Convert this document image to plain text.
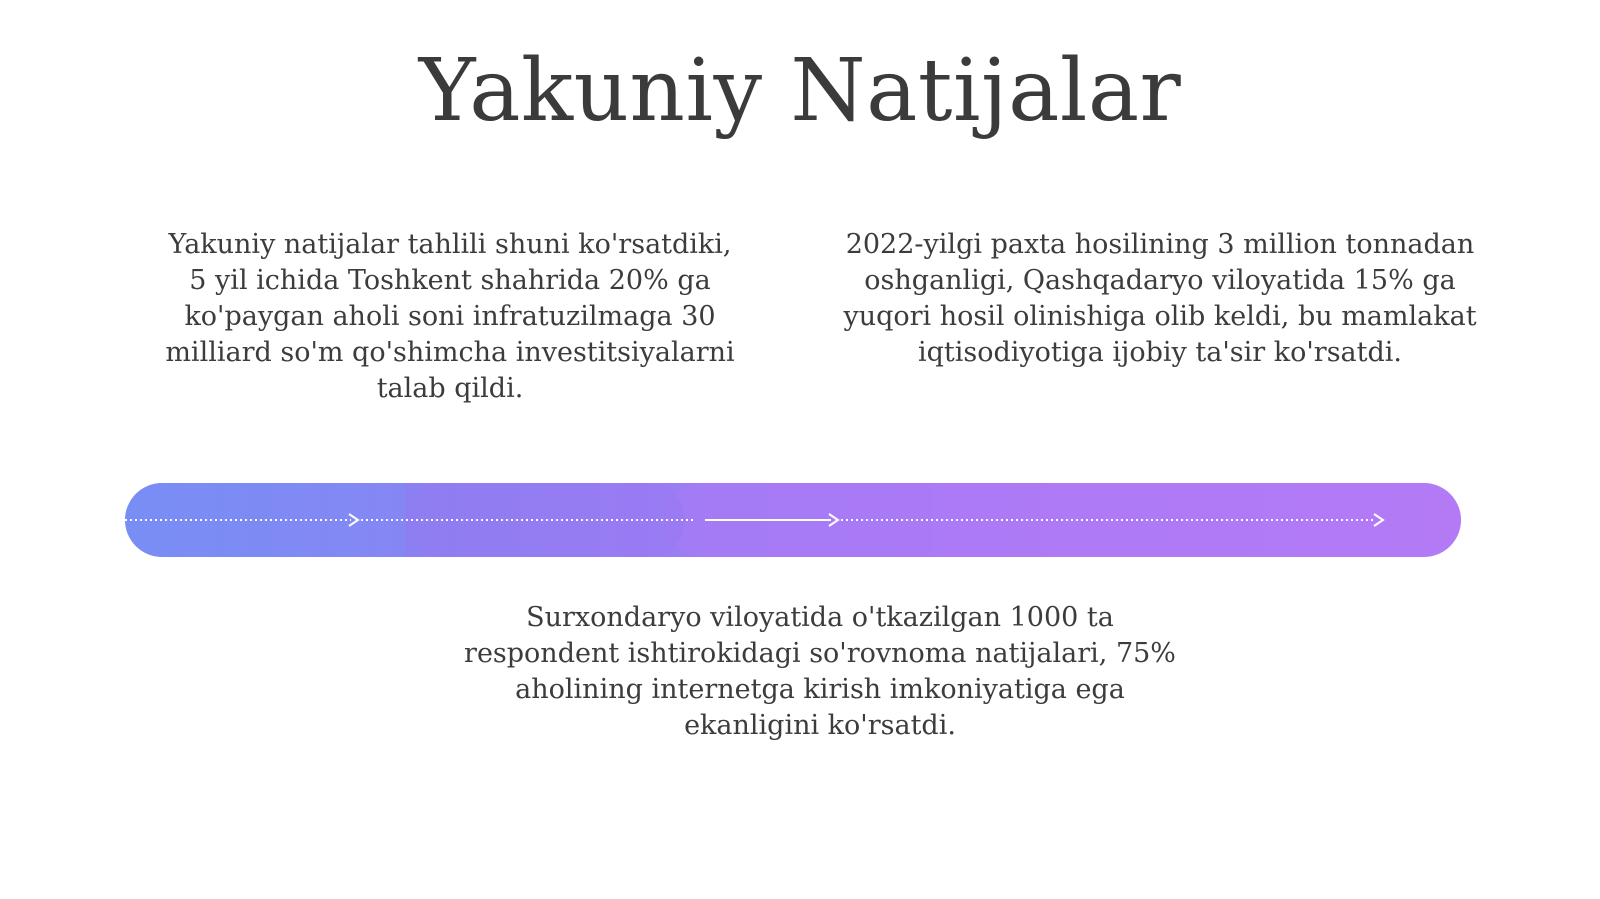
Yakuniy Natijalar

Yakuniy natijalar tahlili shuni ko'rsatdiki, 5 yil ichida Toshkent shahrida 20% ga ko'paygan aholi soni infratuzilmaga 30 milliard so'm qo'shimcha investitsiyalarni talab qildi.

2022-yilgi paxta hosilining 3 million tonnadan oshganligi, Qashqadaryo viloyatida 15% ga yuqori hosil olinishiga olib keldi, bu mamlakat iqtisodiyotiga ijobiy ta'sir ko'rsatdi.

Surxondaryo viloyatida o'tkazilgan 1000 ta respondent ishtirokidagi so'rovnoma natijalari, 75% aholining internetga kirish imkoniyatiga ega ekanligini ko'rsatdi.
